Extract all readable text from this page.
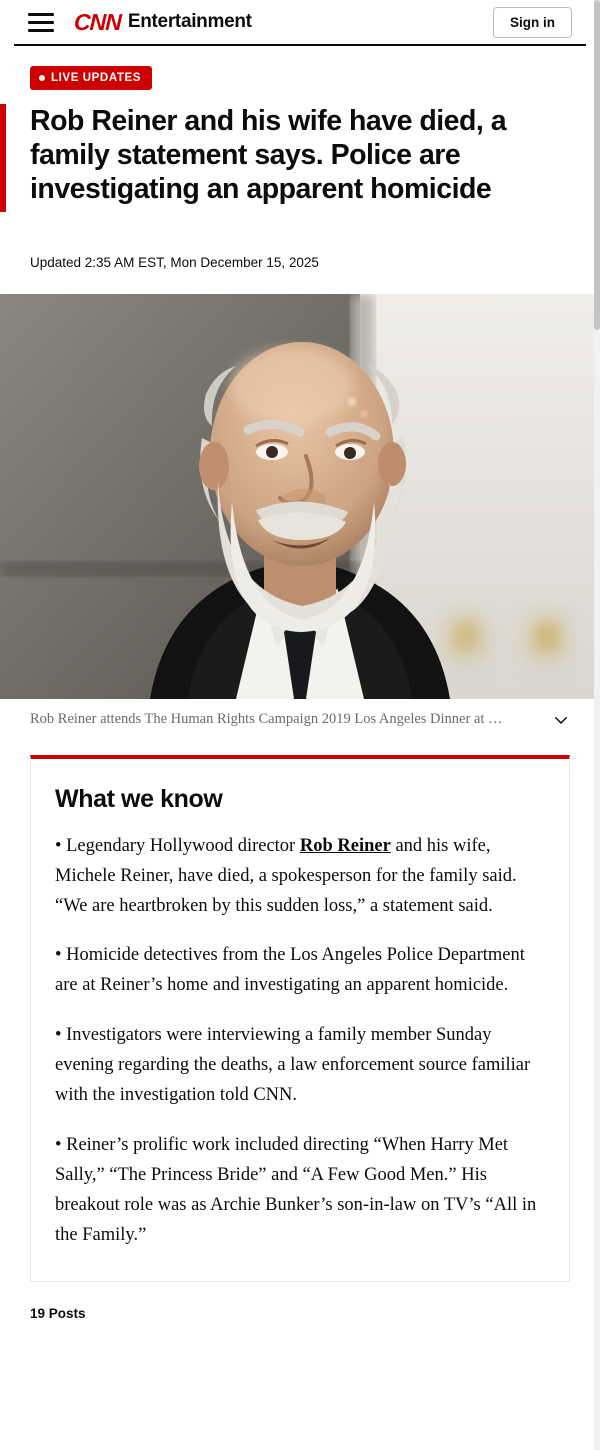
CNN Entertainment	Sign in
LIVE UPDATES
Rob Reiner and his wife have died, a family statement says. Police are investigating an apparent homicide
Updated 2:35 AM EST, Mon December 15, 2025
Rob Reiner attends The Human Rights Campaign 2019 Los Angeles Dinner at …
What we know

• Legendary Hollywood director Rob Reiner and his wife, Michele Reiner, have died, a spokesperson for the family said. “We are heartbroken by this sudden loss,” a statement said.

• Homicide detectives from the Los Angeles Police Department are at Reiner’s home and investigating an apparent homicide.

• Investigators were interviewing a family member Sunday evening regarding the deaths, a law enforcement source familiar with the investigation told CNN.

• Reiner’s prolific work included directing “When Harry Met Sally,” “The Princess Bride” and “A Few Good Men.” His breakout role was as Archie Bunker’s son-in-law on TV’s “All in the Family.”

19 Posts
